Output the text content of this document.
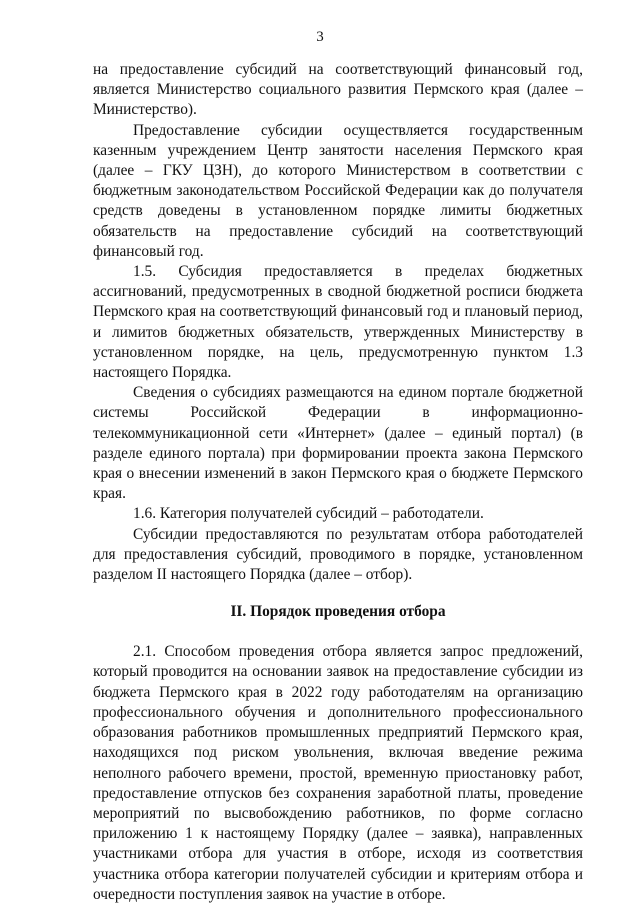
3

на предоставление субсидий на соответствующий финансовый год, является Министерство социального развития Пермского края (далее – Министерство).

Предоставление субсидии осуществляется государственным казенным учреждением Центр занятости населения Пермского края (далее – ГКУ ЦЗН), до которого Министерством в соответствии с бюджетным законодательством Российской Федерации как до получателя средств доведены в установленном порядке лимиты бюджетных обязательств на предоставление субсидий на соответствующий финансовый год.

1.5. Субсидия предоставляется в пределах бюджетных ассигнований, предусмотренных в сводной бюджетной росписи бюджета Пермского края на соответствующий финансовый год и плановый период, и лимитов бюджетных обязательств, утвержденных Министерству в установленном порядке, на цель, предусмотренную пунктом 1.3 настоящего Порядка.

Сведения о субсидиях размещаются на едином портале бюджетной системы Российской Федерации в информационно-телекоммуникационной сети «Интернет» (далее – единый портал) (в разделе единого портала) при формировании проекта закона Пермского края о внесении изменений в закон Пермского края о бюджете Пермского края.

1.6. Категория получателей субсидий – работодатели.

Субсидии предоставляются по результатам отбора работодателей для предоставления субсидий, проводимого в порядке, установленном разделом II настоящего Порядка (далее – отбор).

II. Порядок проведения отбора

2.1. Способом проведения отбора является запрос предложений, который проводится на основании заявок на предоставление субсидии из бюджета Пермского края в 2022 году работодателям на организацию профессионального обучения и дополнительного профессионального образования работников промышленных предприятий Пермского края, находящихся под риском увольнения, включая введение режима неполного рабочего времени, простой, временную приостановку работ, предоставление отпусков без сохранения заработной платы, проведение мероприятий по высвобождению работников, по форме согласно приложению 1 к настоящему Порядку (далее – заявка), направленных участниками отбора для участия в отборе, исходя из соответствия участника отбора категории получателей субсидии и критериям отбора и очередности поступления заявок на участие в отборе.
